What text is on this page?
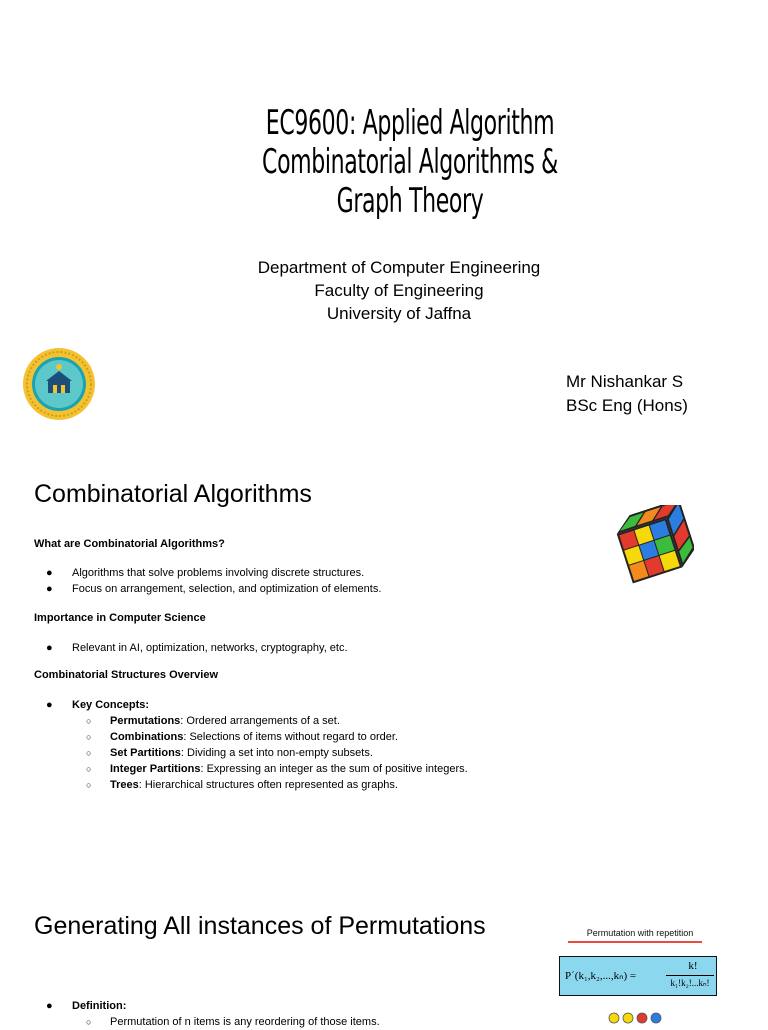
EC9600: Applied Algorithm
Combinatorial Algorithms &
Graph Theory
Department of Computer Engineering
Faculty of Engineering
University of Jaffna
Mr Nishankar S
BSc Eng (Hons)
Combinatorial Algorithms
What are Combinatorial Algorithms?
● Algorithms that solve problems involving discrete structures.
● Focus on arrangement, selection, and optimization of elements.
Importance in Computer Science
● Relevant in AI, optimization, networks, cryptography, etc.
Combinatorial Structures Overview
● Key Concepts:
○ Permutations: Ordered arrangements of a set.
○ Combinations: Selections of items without regard to order.
○ Set Partitions: Dividing a set into non-empty subsets.
○ Integer Partitions: Expressing an integer as the sum of positive integers.
○ Trees: Hierarchical structures often represented as graphs.
Generating All instances of Permutations	Permutation with repetition
P´(k₁,k₂,...,kₙ) =
k!
k₁!k₂!...kₙ!
● Definition:
○ Permutation of n items is any reordering of those items.
